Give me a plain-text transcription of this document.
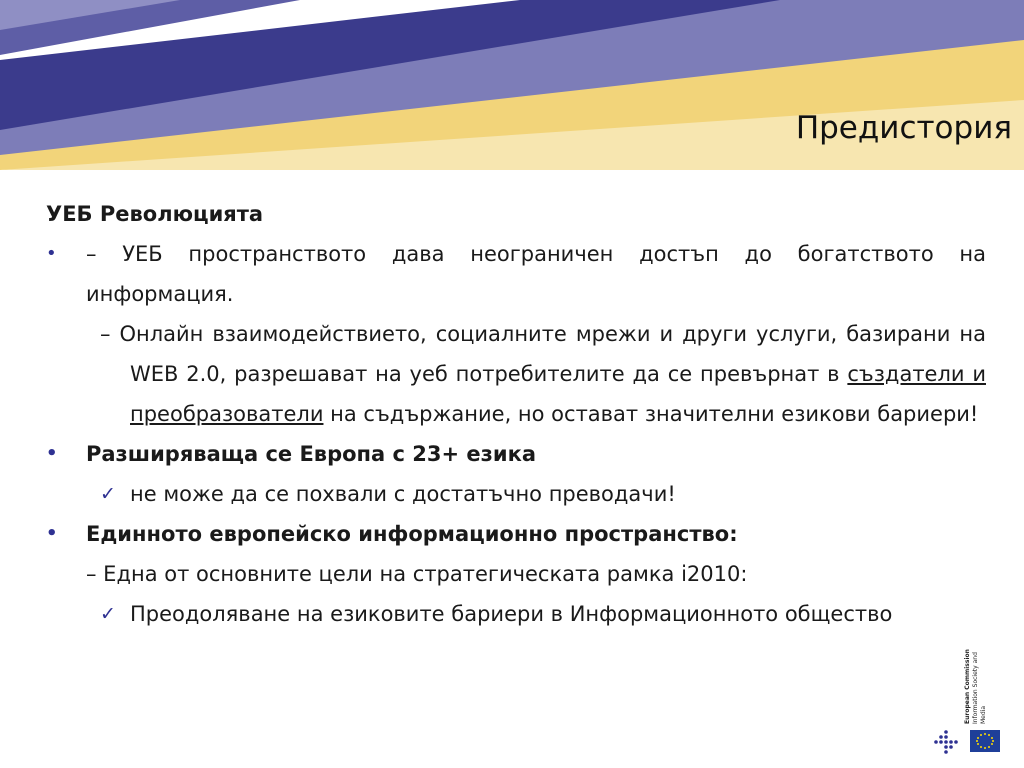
Предистория
УЕБ Революцията
• – УЕБ пространството дава неограничен достъп до богатството на информация.
– Онлайн взаимодействието, социалните мрежи и други услуги, базирани на WEB 2.0, разрешават на уеб потребителите да се превърнат в създатели и преобразователи на съдържание, но остават значителни езикови бариери!
• Разширяваща се Европа с 23+ езика
✓ не може да се похвали с достатъчно преводачи!
• Единното европейско информационно пространство:
– Една от основните цели на стратегическата рамка i2010:
✓ Преодоляване на езиковите бариери в Информационното общество
European Commission Information Society and Media
